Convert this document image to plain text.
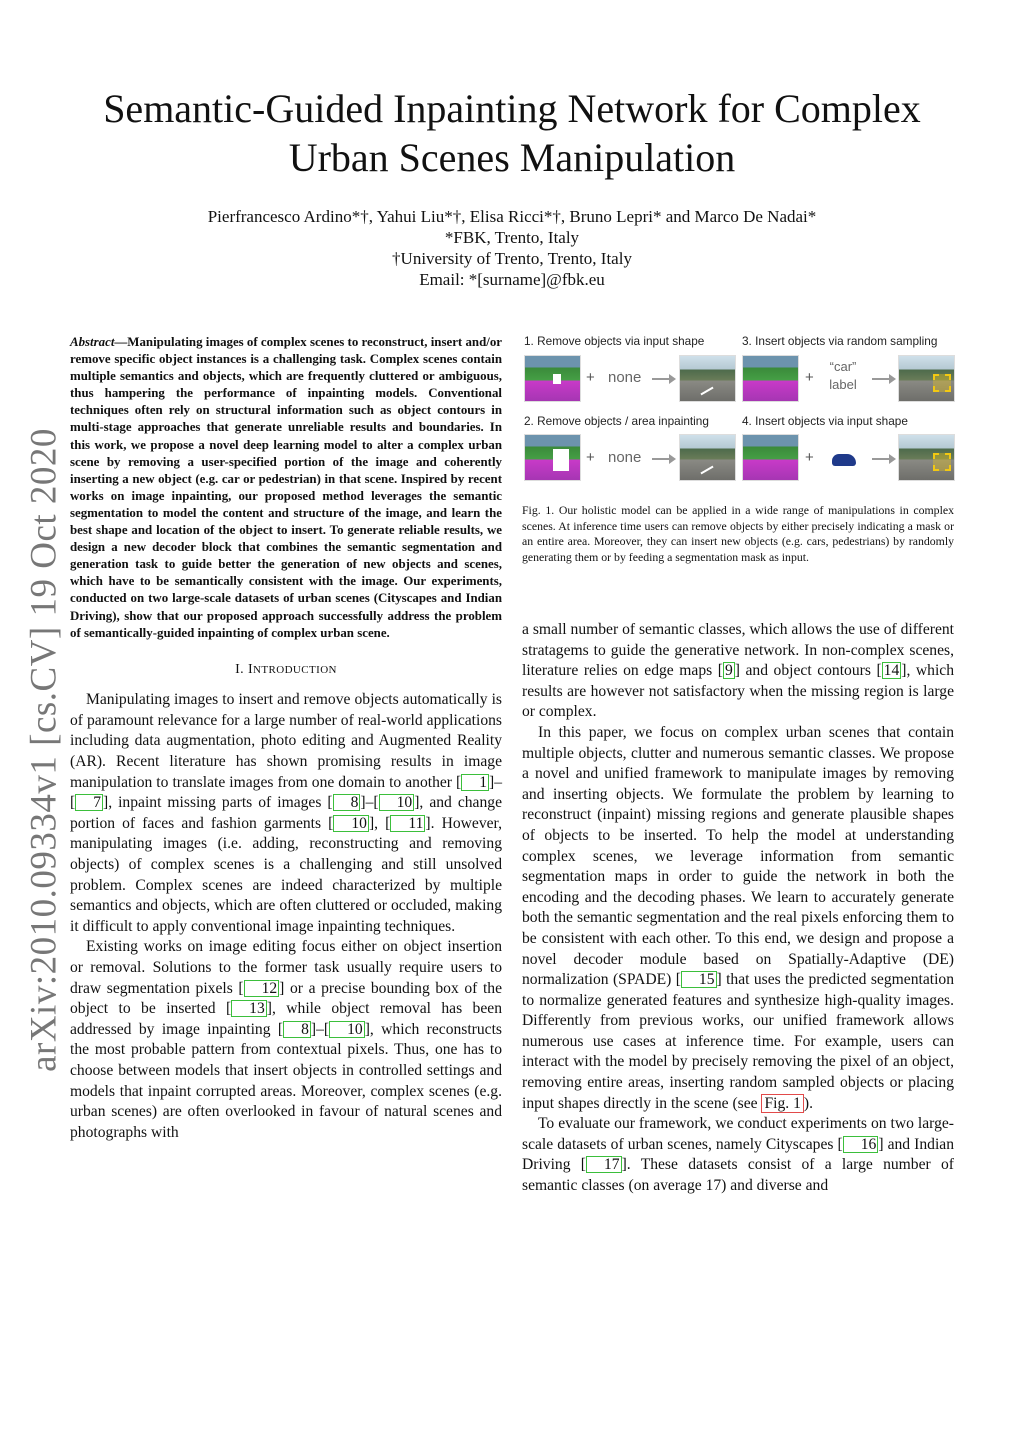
arXiv:2010.09334v1 [cs.CV] 19 Oct 2020
Semantic-Guided Inpainting Network for Complex Urban Scenes Manipulation
Pierfrancesco Ardino*†, Yahui Liu*†, Elisa Ricci*†, Bruno Lepri* and Marco De Nadai*
*FBK, Trento, Italy
†University of Trento, Trento, Italy
Email: *[surname]@fbk.eu

Abstract—Manipulating images of complex scenes to reconstruct, insert and/or remove specific object instances is a challenging task. Complex scenes contain multiple semantics and objects, which are frequently cluttered or ambiguous, thus hampering the performance of inpainting models. Conventional techniques often rely on structural information such as object contours in multi-stage approaches that generate unreliable results and boundaries. In this work, we propose a novel deep learning model to alter a complex urban scene by removing a user-specified portion of the image and coherently inserting a new object (e.g. car or pedestrian) in that scene. Inspired by recent works on image inpainting, our proposed method leverages the semantic segmentation to model the content and structure of the image, and learn the best shape and location of the object to insert. To generate reliable results, we design a new decoder block that combines the semantic segmentation and generation task to guide better the generation of new objects and scenes, which have to be semantically consistent with the image. Our experiments, conducted on two large-scale datasets of urban scenes (Cityscapes and Indian Driving), show that our proposed approach successfully address the problem of semantically-guided inpainting of complex urban scene.

I. INTRODUCTION

Manipulating images to insert and remove objects automatically is of paramount relevance for a large number of real-world applications including data augmentation, photo editing and Augmented Reality (AR). Recent literature has shown promising results in image manipulation to translate images from one domain to another [ 1 ]–[ 7 ], inpaint missing parts of images [ 8 ]–[ 10 ], and change portion of faces and fashion garments [ 10 ], [ 11 ]. However, manipulating images (i.e. adding, reconstructing and removing objects) of complex scenes is a challenging and still unsolved problem. Complex scenes are indeed characterized by multiple semantics and objects, which are often cluttered or occluded, making it difficult to apply conventional image inpainting techniques.

Existing works on image editing focus either on object insertion or removal. Solutions to the former task usually require users to draw segmentation pixels [ 12 ] or a precise bounding box of the object to be inserted [ 13 ], while object removal has been addressed by image inpainting [ 8 ]–[ 10 ], which reconstructs the most probable pattern from contextual pixels. Thus, one has to choose between models that insert objects in controlled settings and models that inpaint corrupted areas. Moreover, complex scenes (e.g. urban scenes) are often overlooked in favour of natural scenes and photographs with

1. Remove objects via input shape
+ none
3. Insert objects via random sampling
+
“car”
label
2. Remove objects / area inpainting
+ none
4. Insert objects via input shape
+
Fig. 1. Our holistic model can be applied in a wide range of manipulations in complex scenes. At inference time users can remove objects by either precisely indicating a mask or an entire area. Moreover, they can insert new objects (e.g. cars, pedestrians) by randomly generating them or by feeding a segmentation mask as input.

a small number of semantic classes, which allows the use of different stratagems to guide the generative network. In non-complex scenes, literature relies on edge maps [ 9 ] and object contours [ 14 ], which results are however not satisfactory when the missing region is large or complex.

In this paper, we focus on complex urban scenes that contain multiple objects, clutter and numerous semantic classes. We propose a novel and unified framework to manipulate images by removing and inserting objects. We formulate the problem by learning to reconstruct (inpaint) missing regions and generate plausible shapes of objects to be inserted. To help the model at understanding complex scenes, we leverage information from semantic segmentation maps in order to guide the network in both the encoding and the decoding phases. We learn to accurately generate both the semantic segmentation and the real pixels enforcing them to be consistent with each other. To this end, we design and propose a novel decoder module based on Spatially-Adaptive (DE) normalization (SPADE) [ 15 ] that uses the predicted segmentation to normalize generated features and synthesize high-quality images. Differently from previous works, our unified framework allows numerous use cases at inference time. For example, users can interact with the model by precisely removing the pixel of an object, removing entire areas, inserting random sampled objects or placing input shapes directly in the scene (see Fig. 1 ).

To evaluate our framework, we conduct experiments on two large-scale datasets of urban scenes, namely Cityscapes [ 16 ] and Indian Driving [ 17 ]. These datasets consist of a large number of semantic classes (on average 17) and diverse and
